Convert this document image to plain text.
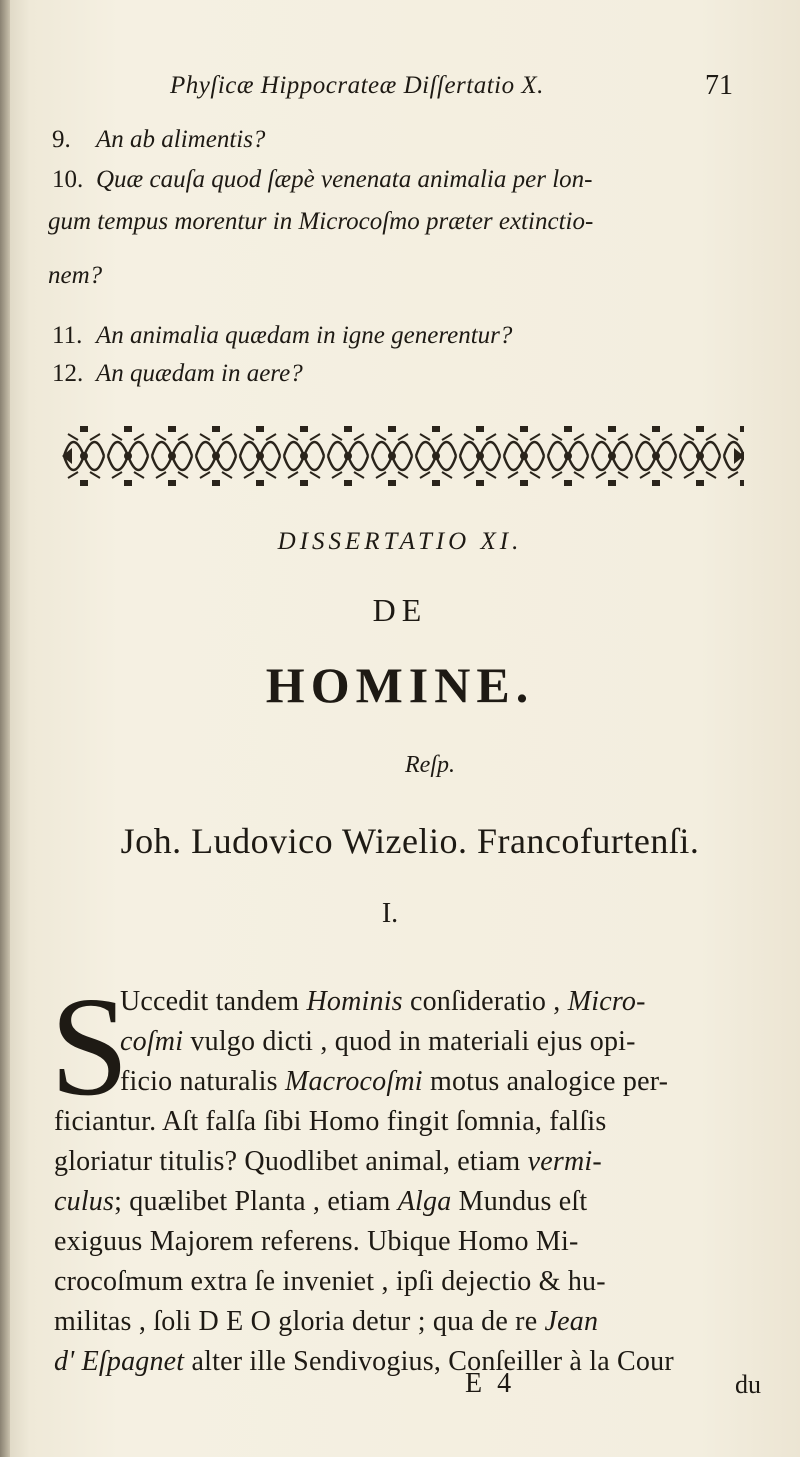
Phyſicæ Hippocrateæ Diſſertatio X.	71
9. An ab alimentis?
10. Quæ cauſa quod ſæpè venenata animalia per lon-
gum tempus morentur in Microcoſmo præter extinctio-
nem?
11. An animalia quædam in igne generentur?
12. An quædam in aere?
DISSERTATIO XI.
DE
HOMINE.
Reſp.
Joh. Ludovico Wizelio. Francofurtenſi.
I.
S
Uccedit tandem Hominis conſideratio , Micro-
coſmi vulgo dicti , quod in materiali ejus opi-
ficio naturalis Macrocoſmi motus analogice per-
ficiantur. Aſt falſa ſibi Homo fingit ſomnia, falſis
gloriatur titulis? Quodlibet animal, etiam vermi-
culus; quælibet Planta , etiam Alga Mundus eſt
exiguus Majorem referens. Ubique Homo Mi-
crocoſmum extra ſe inveniet , ipſi dejectio & hu-
militas , ſoli D E O gloria detur ; qua de re Jean
d' Eſpagnet alter ille Sendivogius, Conſeiller à la Cour
E 4	du
